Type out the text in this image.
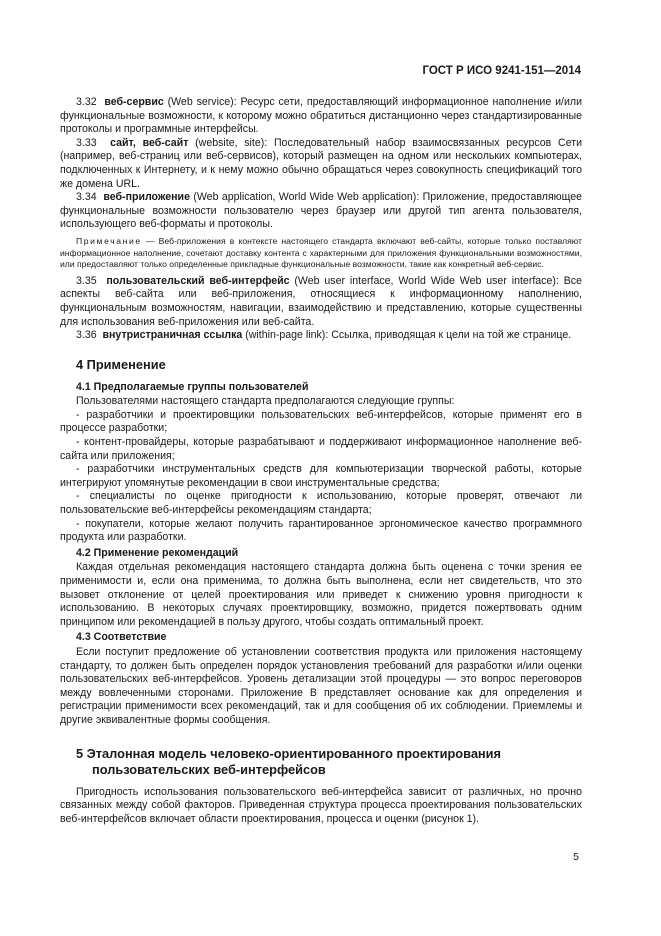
ГОСТ Р ИСО 9241-151—2014

3.32 веб-сервис (Web service): Ресурс сети, предоставляющий информационное наполнение и/или функциональные возможности, к которому можно обратиться дистанционно через стандартизированные протоколы и программные интерфейсы.

3.33 сайт, веб-сайт (website, site): Последовательный набор взаимосвязанных ресурсов Сети (например, веб-страниц или веб-сервисов), который размещен на одном или нескольких компьютерах, подключенных к Интернету, и к нему можно обычно обращаться через совокупность спецификаций того же домена URL.

3.34 веб-приложение (Web application, World Wide Web application): Приложение, предоставляющее функциональные возможности пользователю через браузер или другой тип агента пользователя, использующего веб-форматы и протоколы.

Примечание — Веб-приложения в контексте настоящего стандарта включают веб-сайты, которые только поставляют информационное наполнение, сочетают доставку контента с характерными для приложения функциональными возможностями, или предоставляют только определенные прикладные функциональные возможности, такие как конкретный веб-сервис.

3.35 пользовательский веб-интерфейс (Web user interface, World Wide Web user interface): Все аспекты веб-сайта или веб-приложения, относящиеся к информационному наполнению, функциональным возможностям, навигации, взаимодействию и представлению, которые существенны для использования веб-приложения или веб-сайта.

3.36 внутристраничная ссылка (within-page link): Ссылка, приводящая к цели на той же странице.

4 Применение
4.1 Предполагаемые группы пользователей

Пользователями настоящего стандарта предполагаются следующие группы:

- разработчики и проектировщики пользовательских веб-интерфейсов, которые применят его в процессе разработки;

- контент-провайдеры, которые разрабатывают и поддерживают информационное наполнение веб-сайта или приложения;

- разработчики инструментальных средств для компьютеризации творческой работы, которые интегрируют упомянутые рекомендации в свои инструментальные средства;

- специалисты по оценке пригодности к использованию, которые проверят, отвечают ли пользовательские веб-интерфейсы рекомендациям стандарта;

- покупатели, которые желают получить гарантированное эргономическое качество программного продукта или разработки.

4.2 Применение рекомендаций

Каждая отдельная рекомендация настоящего стандарта должна быть оценена с точки зрения ее применимости и, если она применима, то должна быть выполнена, если нет свидетельств, что это вызовет отклонение от целей проектирования или приведет к снижению уровня пригодности к использованию. В некоторых случаях проектировщику, возможно, придется пожертвовать одним принципом или рекомендацией в пользу другого, чтобы создать оптимальный проект.

4.3 Соответствие

Если поступит предложение об установлении соответствия продукта или приложения настоящему стандарту, то должен быть определен порядок установления требований для разработки и/или оценки пользовательских веб-интерфейсов. Уровень детализации этой процедуры — это вопрос переговоров между вовлеченными сторонами. Приложение В представляет основание как для определения и регистрации применимости всех рекомендаций, так и для сообщения об их соблюдении. Приемлемы и другие эквивалентные формы сообщения.

5 Эталонная модель человеко-ориентированного проектирования пользовательских веб-интерфейсов

Пригодность использования пользовательского веб-интерфейса зависит от различных, но прочно связанных между собой факторов. Приведенная структура процесса проектирования пользовательских веб-интерфейсов включает области проектирования, процесса и оценки (рисунок 1).

5
